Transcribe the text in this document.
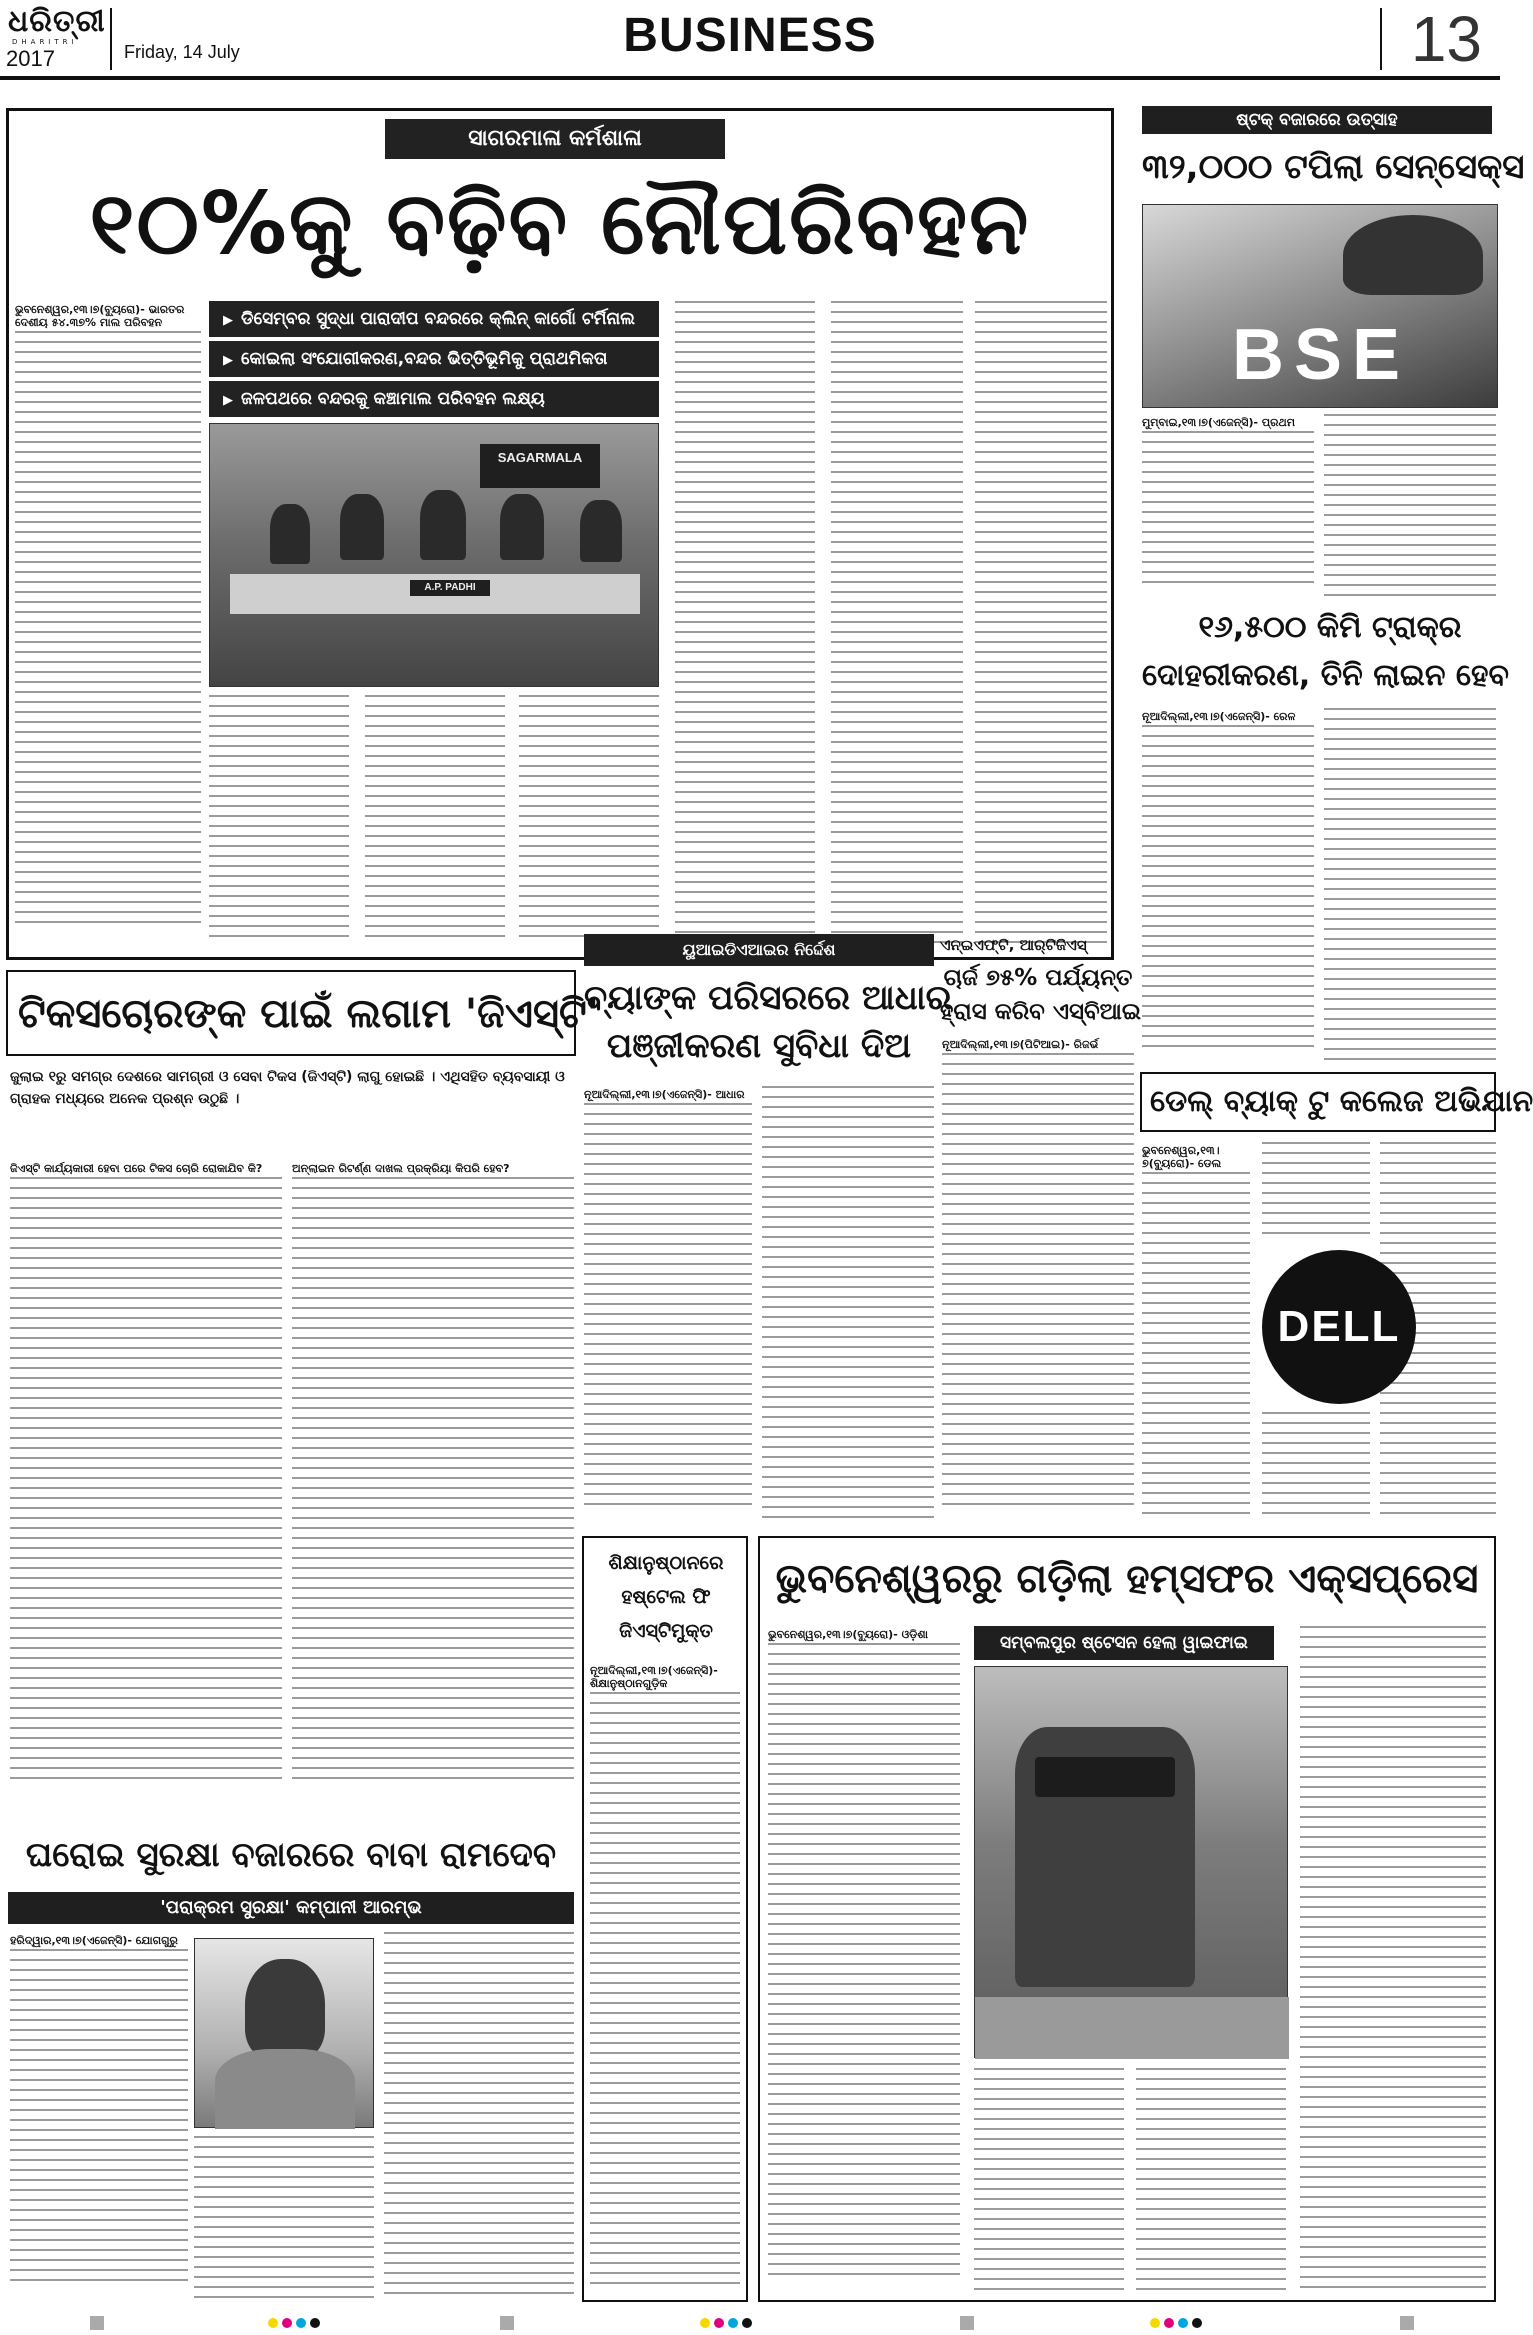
ଧରିତ୍ରୀ
DHARITRI
2017	Friday, 14 July	BUSINESS	13
ସାଗରମାଳା କର୍ମଶାଳା
୧୦%କୁ ବଢ଼ିବ ନୌପରିବହନ
ଭୁବନେଶ୍ୱର,୧୩।୭(ବ୍ୟୁରୋ)- ଭାରତର ଦେଶୀୟ ୫୪.୩୭% ମାଲ ପରିବହନ
▶	ଡିସେମ୍ବର ସୁଦ୍ଧା ପାରାଦୀପ ବନ୍ଦରରେ କ୍ଲିନ୍ କାର୍ଗୋ ଟର୍ମିନାଲ
▶ କୋଇଲା ସଂଯୋଗୀକରଣ,ବନ୍ଦର ଭିତ୍ତିଭୂମିକୁ ପ୍ରାଥମିକତା
▶ ଜଳପଥରେ ବନ୍ଦରକୁ କଞ୍ଚାମାଲ ପରିବହନ ଲକ୍ଷ୍ୟ
SAGARMALA
A.P. PADHI
ଷ୍ଟକ୍ ବଜାରରେ ଉତ୍ସାହ
୩୨,୦୦୦ ଟପିଲା ସେନ୍ସେକ୍ସ
BSE
ମୁମ୍ବାଇ,୧୩।୭(ଏଜେନ୍ସି)- ପ୍ରଥମ
୧୬,୫୦୦ କିମି ଟ୍ରାକ୍‌ର
ଦୋହରୀକରଣ, ତିନି ଲାଇନ ହେବ
ନୂଆଦିଲ୍ଲୀ,୧୩।୭(ଏଜେନ୍ସି)- ରେଳ
ଡେଲ୍ ବ୍ୟାକ୍ ଟୁ କଲେଜ ଅଭିଯାନ
ଭୁବନେଶ୍ୱର,୧୩।୭(ବ୍ୟୁରୋ)- ଡେଲ
DELL
ଟିକସଚୋରଙ୍କ ପାଇଁ ଲଗାମ 'ଜିଏସ୍‌ଟି'
ଜୁଲାଇ ୧ରୁ ସମଗ୍ର ଦେଶରେ ସାମଗ୍ରୀ ଓ ସେବା ଟିକସ (ଜିଏସ୍‌ଟି) ଲାଗୁ ହୋଇଛି । ଏଥିସହିତ ବ୍ୟବସାୟୀ ଓ ଗ୍ରାହକ ମଧ୍ୟରେ ଅନେକ ପ୍ରଶ୍ନ ଉଠୁଛି ।
ଜିଏସ୍‌ଟି କାର୍ଯ୍ୟକାରୀ ହେବା ପରେ ଟିକସ ଚୋରି ରୋକାଯିବ କି?	ଅନ୍‌ଲାଇନ ରିଟର୍ଣ୍ଣ ଦାଖଲ ପ୍ରକ୍ରିୟା କିପରି ହେବ?
ୟୁଆଇଡିଏଆଇର ନିର୍ଦ୍ଦେଶ
ବ୍ୟାଙ୍କ ପରିସରରେ ଆଧାର
ପଞ୍ଜୀକରଣ ସୁବିଧା ଦିଅ
ନୂଆଦିଲ୍ଲୀ,୧୩।୭(ଏଜେନ୍ସି)- ଆଧାର
ଏନ୍‌ଇଏଫ୍‌ଟି, ଆର୍‌ଟିଜିଏସ୍
ଚାର୍ଜ ୭୫% ପର୍ଯ୍ୟନ୍ତ
ହ୍ରାସ କରିବ ଏସ୍‌ବିଆଇ
ନୂଆଦିଲ୍ଲୀ,୧୩।୭(ପିଟିଆଇ)- ରିଜର୍ଭ
ଘରୋଇ ସୁରକ୍ଷା ବଜାରରେ ବାବା ରାମଦେବ
'ପରାକ୍ରମ ସୁରକ୍ଷା' କମ୍ପାନୀ ଆରମ୍ଭ
ହରିଦ୍ୱାର,୧୩।୭(ଏଜେନ୍ସି)- ଯୋଗଗୁରୁ
ଶିକ୍ଷାନୁଷ୍ଠାନରେ ହଷ୍ଟେଲ ଫି ଜିଏସ୍‌ଟିମୁକ୍ତ
ନୂଆଦିଲ୍ଲୀ,୧୩।୭(ଏଜେନ୍ସି)- ଶିକ୍ଷାନୁଷ୍ଠାନଗୁଡ଼ିକ
ଭୁବନେଶ୍ୱରରୁ ଗଡ଼ିଲା ହମ୍‌ସଫର ଏକ୍ସପ୍ରେସ
ଭୁବନେଶ୍ୱର,୧୩।୭(ବ୍ୟୁରୋ)- ଓଡ଼ିଶା	ସମ୍ବଲପୁର ଷ୍ଟେସନ ହେଲା ୱାଇଫାଇ
